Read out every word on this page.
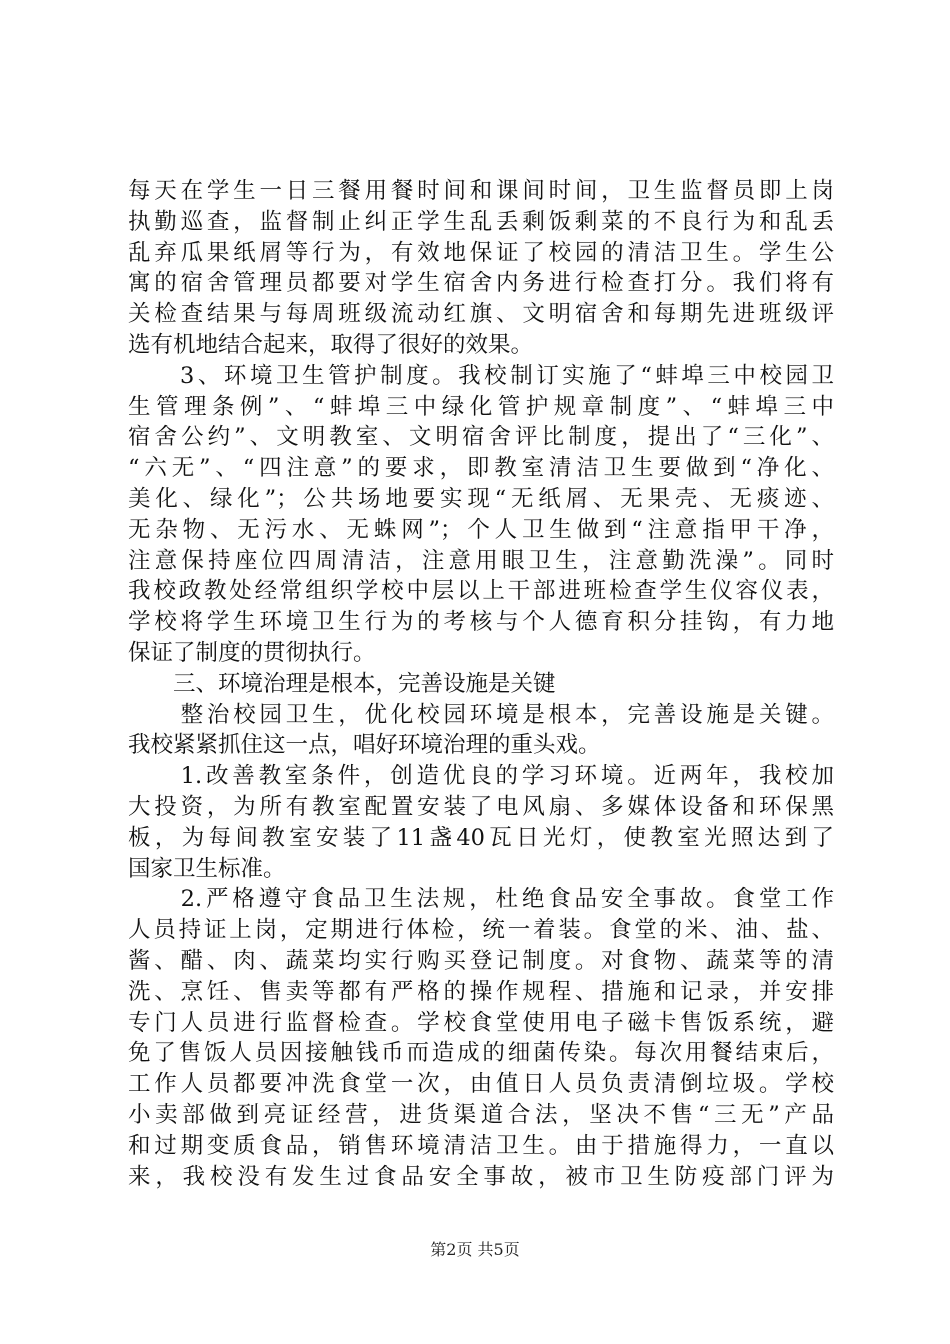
每天在学生一日三餐用餐时间和课间时间，卫生监督员即上岗
执勤巡查，监督制止纠正学生乱丢剩饭剩菜的不良行为和乱丢
乱弃瓜果纸屑等行为，有效地保证了校园的清洁卫生。学生公
寓的宿舍管理员都要对学生宿舍内务进行检查打分。我们将有
关检查结果与每周班级流动红旗、文明宿舍和每期先进班级评
选有机地结合起来，取得了很好的效果。
　　3、环境卫生管护制度。我校制订实施了“蚌埠三中校园卫
生管理条例”、“蚌埠三中绿化管护规章制度”、“蚌埠三中
宿舍公约”、文明教室、文明宿舍评比制度，提出了“三化”、
“六无”、“四注意”的要求，即教室清洁卫生要做到“净化、
美化、绿化”；公共场地要实现“无纸屑、无果壳、无痰迹、
无杂物、无污水、无蛛网”；个人卫生做到“注意指甲干净，
注意保持座位四周清洁，注意用眼卫生，注意勤洗澡”。同时
我校政教处经常组织学校中层以上干部进班检查学生仪容仪表，
学校将学生环境卫生行为的考核与个人德育积分挂钩，有力地
保证了制度的贯彻执行。
　　三、环境治理是根本，完善设施是关键
　　整治校园卫生，优化校园环境是根本，完善设施是关键。
我校紧紧抓住这一点，唱好环境治理的重头戏。
　　1.改善教室条件，创造优良的学习环境。近两年，我校加
大投资，为所有教室配置安装了电风扇、多媒体设备和环保黑
板，为每间教室安装了11盏40瓦日光灯，使教室光照达到了
国家卫生标准。
　　2.严格遵守食品卫生法规，杜绝食品安全事故。食堂工作
人员持证上岗，定期进行体检，统一着装。食堂的米、油、盐、
酱、醋、肉、蔬菜均实行购买登记制度。对食物、蔬菜等的清
洗、烹饪、售卖等都有严格的操作规程、措施和记录，并安排
专门人员进行监督检查。学校食堂使用电子磁卡售饭系统，避
免了售饭人员因接触钱币而造成的细菌传染。每次用餐结束后，
工作人员都要冲洗食堂一次，由值日人员负责清倒垃圾。学校
小卖部做到亮证经营，进货渠道合法，坚决不售“三无”产品
和过期变质食品，销售环境清洁卫生。由于措施得力，一直以
来，我校没有发生过食品安全事故，被市卫生防疫部门评为
第2页 共5页
